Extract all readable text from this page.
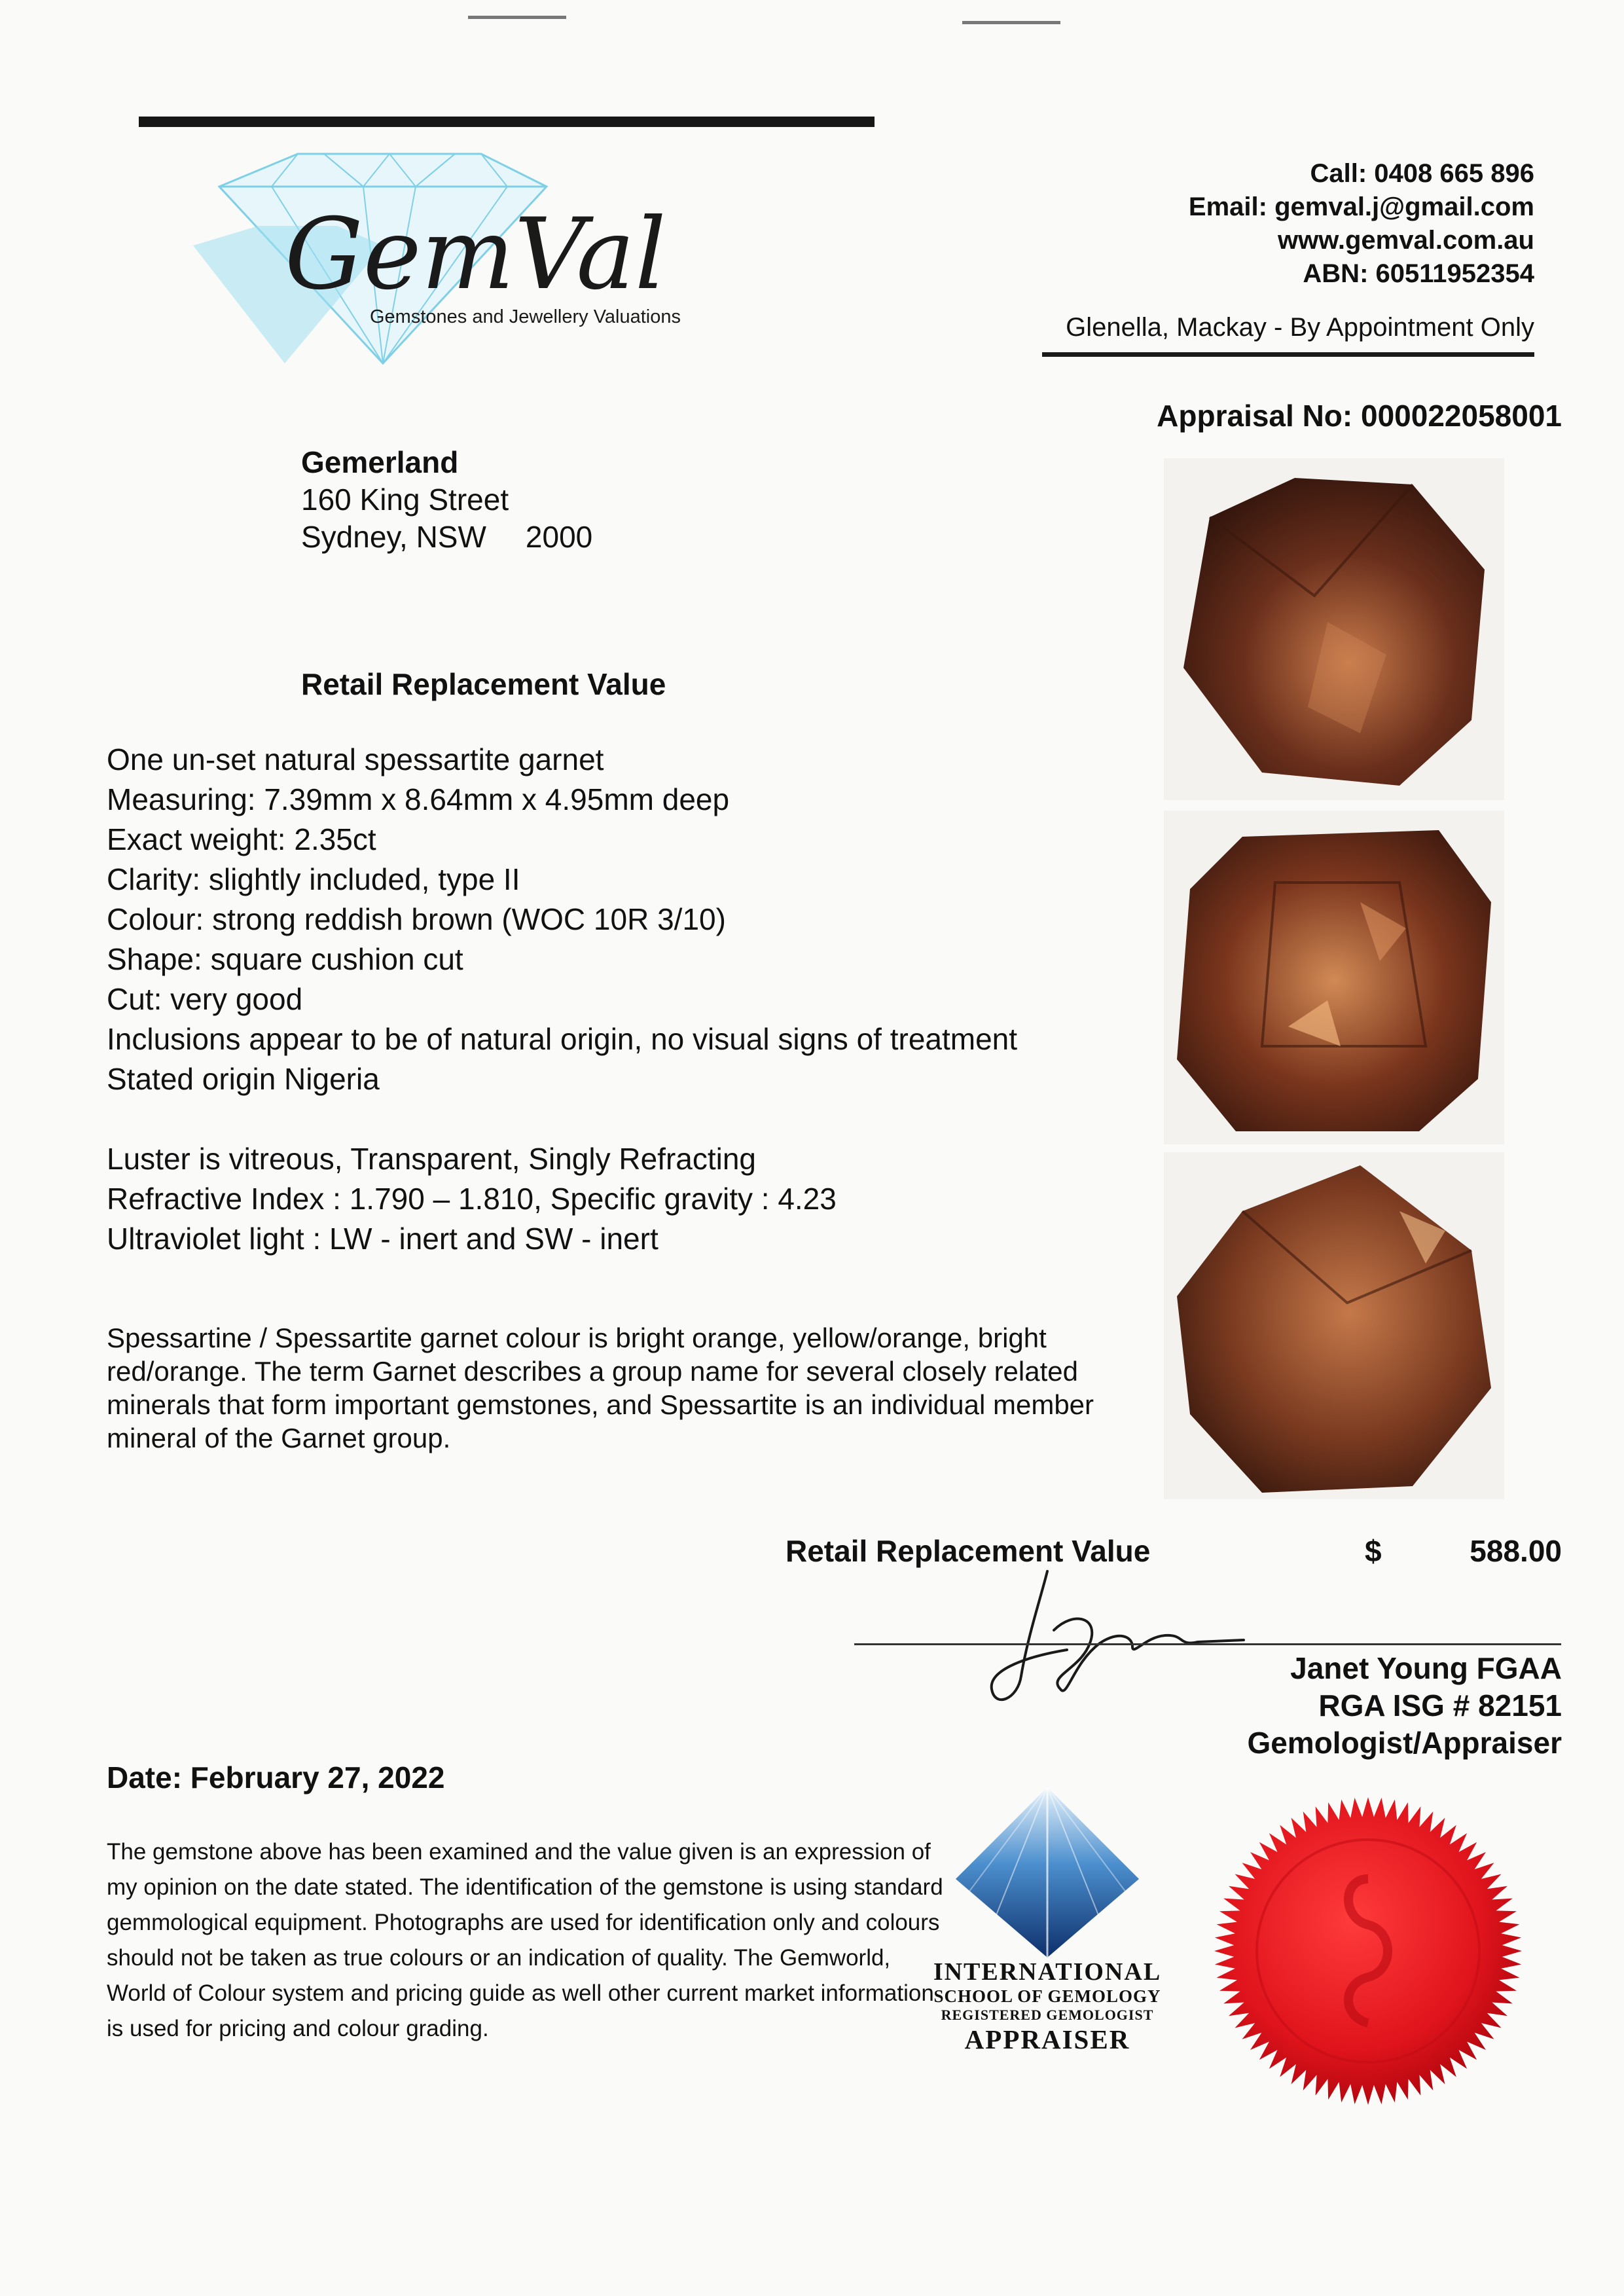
GemVal
Gemstones and Jewellery Valuations
Call: 0408 665 896
Email: gemval.j@gmail.com
www.gemval.com.au
ABN: 60511952354
Glenella, Mackay - By Appointment Only
Appraisal No: 000022058001
Gemerland
160 King Street
Sydney, NSW 2000
Retail Replacement Value
One un-set natural spessartite garnet
Measuring: 7.39mm x 8.64mm x 4.95mm deep
Exact weight: 2.35ct
Clarity: slightly included, type II
Colour: strong reddish brown (WOC 10R 3/10)
Shape: square cushion cut
Cut: very good
Inclusions appear to be of natural origin, no visual signs of treatment
Stated origin Nigeria
Luster is vitreous, Transparent, Singly Refracting
Refractive Index : 1.790 – 1.810, Specific gravity : 4.23
Ultraviolet light : LW - inert and SW - inert
Spessartine / Spessartite garnet colour is bright orange, yellow/orange, bright red/orange. The term Garnet describes a group name for several closely related minerals that form important gemstones, and Spessartite is an individual member mineral of the Garnet group.
Retail Replacement Value	$	588.00
Janet Young FGAA
RGA ISG # 82151
Gemologist/Appraiser
Date: February 27, 2022
The gemstone above has been examined and the value given is an expression of my opinion on the date stated. The identification of the gemstone is using standard gemmological equipment. Photographs are used for identification only and colours should not be taken as true colours or an indication of quality. The Gemworld, World of Colour system and pricing guide as well other current market information is used for pricing and colour grading.
INTERNATIONAL
SCHOOL OF GEMOLOGY
REGISTERED GEMOLOGIST
APPRAISER
